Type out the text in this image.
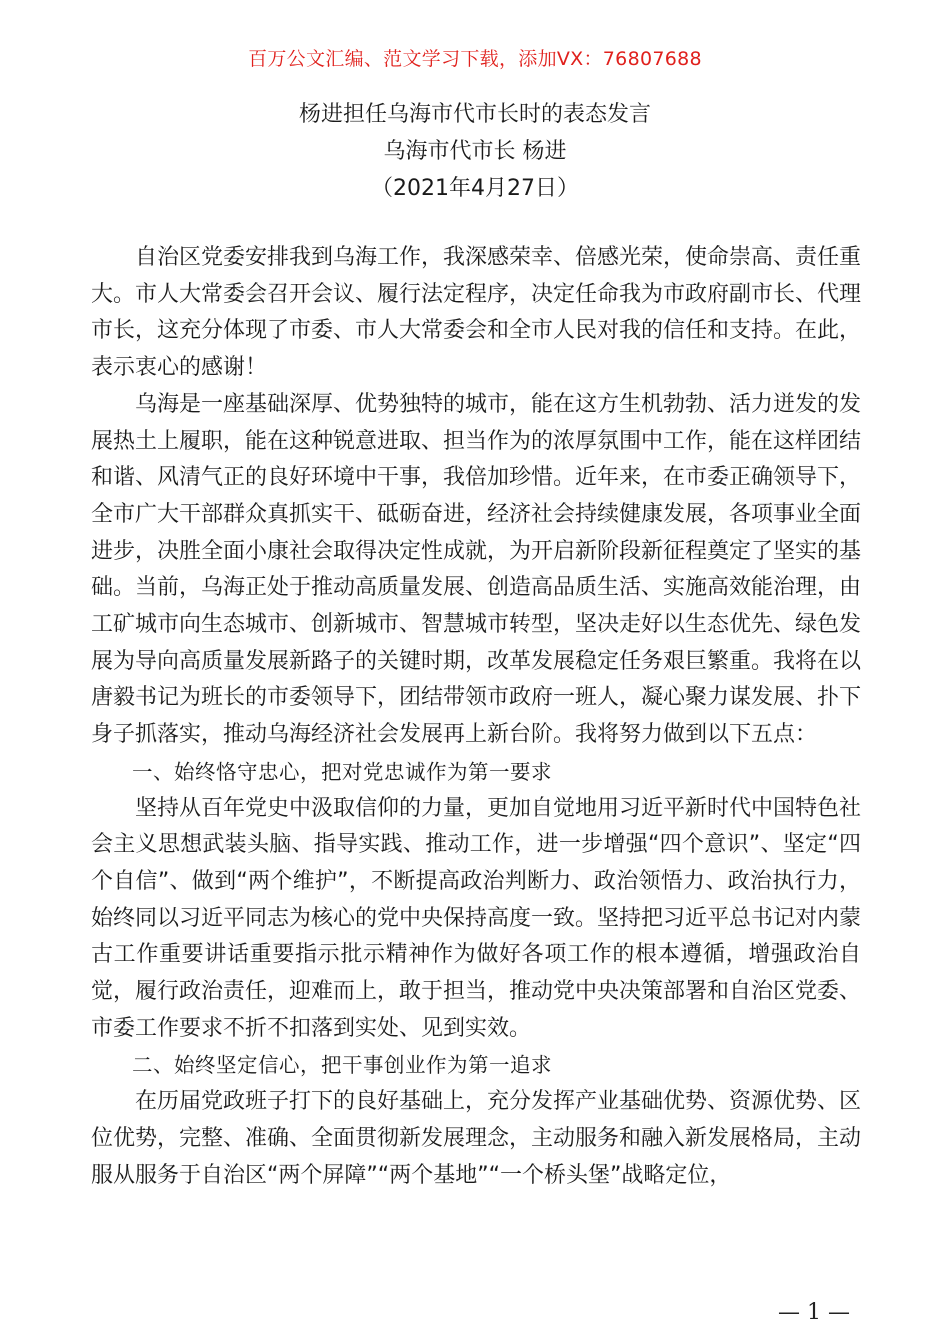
百万公文汇编、范文学习下载，添加VX：76807688
杨进担任乌海市代市长时的表态发言
乌海市代市长 杨进
（2021年4月27日）

自治区党委安排我到乌海工作，我深感荣幸、倍感光荣，使命崇高、责任重大。市人大常委会召开会议、履行法定程序，决定任命我为市政府副市长、代理市长，这充分体现了市委、市人大常委会和全市人民对我的信任和支持。在此，表示衷心的感谢！

乌海是一座基础深厚、优势独特的城市，能在这方生机勃勃、活力迸发的发展热土上履职，能在这种锐意进取、担当作为的浓厚氛围中工作，能在这样团结和谐、风清气正的良好环境中干事，我倍加珍惜。近年来，在市委正确领导下，全市广大干部群众真抓实干、砥砺奋进，经济社会持续健康发展，各项事业全面进步，决胜全面小康社会取得决定性成就，为开启新阶段新征程奠定了坚实的基础。当前，乌海正处于推动高质量发展、创造高品质生活、实施高效能治理，由工矿城市向生态城市、创新城市、智慧城市转型，坚决走好以生态优先、绿色发展为导向高质量发展新路子的关键时期，改革发展稳定任务艰巨繁重。我将在以唐毅书记为班长的市委领导下，团结带领市政府一班人，凝心聚力谋发展、扑下身子抓落实，推动乌海经济社会发展再上新台阶。我将努力做到以下五点：

一、始终恪守忠心，把对党忠诚作为第一要求

坚持从百年党史中汲取信仰的力量，更加自觉地用习近平新时代中国特色社会主义思想武装头脑、指导实践、推动工作，进一步增强“四个意识”、坚定“四个自信”、做到“两个维护”，不断提高政治判断力、政治领悟力、政治执行力，始终同以习近平同志为核心的党中央保持高度一致。坚持把习近平总书记对内蒙古工作重要讲话重要指示批示精神作为做好各项工作的根本遵循，增强政治自觉，履行政治责任，迎难而上，敢于担当，推动党中央决策部署和自治区党委、市委工作要求不折不扣落到实处、见到实效。

二、始终坚定信心，把干事创业作为第一追求

在历届党政班子打下的良好基础上，充分发挥产业基础优势、资源优势、区位优势，完整、准确、全面贯彻新发展理念，主动服务和融入新发展格局，主动服从服务于自治区“两个屏障”“两个基地”“一个桥头堡”战略定位，

— 1 —
